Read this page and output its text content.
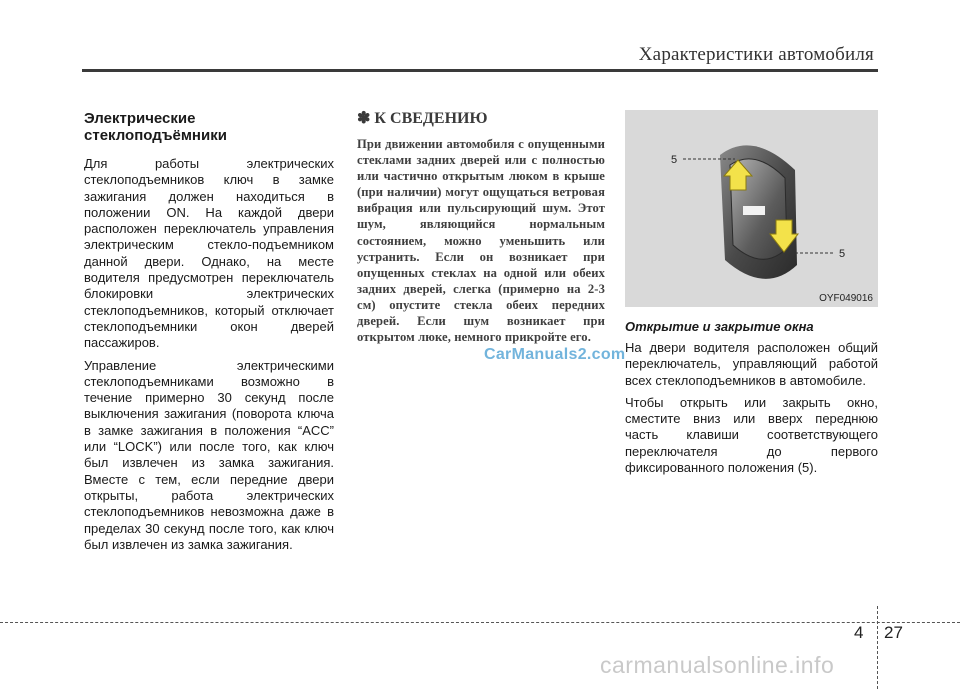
Характеристики автомобиля
Электрические
стеклоподъёмники

Для работы электрических стеклоподъемников ключ в замке зажигания должен находиться в положении ON. На каждой двери расположен переключатель управления электрическим стекло-подъемником данной двери. Однако, на месте водителя предусмотрен переключатель блокировки электрических стеклоподъемников, который отключает стеклоподъемники окон дверей пассажиров.

Управление электрическими стеклоподъемниками возможно в течение примерно 30 секунд после выключения зажигания (поворота ключа в замке зажигания в положения “ACC” или “LOCK”) или после того, как ключ был извлечен из замка зажигания. Вместе с тем, если передние двери открыты, работа электрических стеклоподъемников невозможна даже в пределах 30 секунд после того, как ключ был извлечен из замка зажигания.

✽ К СВЕДЕНИЮ

При движении автомобиля с опущенными стеклами задних дверей или с полностью или частично открытым люком в крыше (при наличии) могут ощущаться ветровая вибрация или пульсирующий шум. Этот шум, являющийся нормальным состоянием, можно уменьшить или устранить. Если он возникает при опущенных стеклах на одной или обеих задних дверей, слегка (примерно на 2-3 см) опустите стекла обеих передних дверей. Если шум возникает при открытом люке, немного прикройте его.

5
5
OYF049016
Открытие и закрытие окна

На двери водителя расположен общий переключатель, управляющий работой всех стеклоподъемников в автомобиле.

Чтобы открыть или закрыть окно, сместите вниз или вверх переднюю часть клавиши соответствующего переключателя до первого фиксированного положения (5).

CarManuals2.com
4 27
carmanualsonline.info
